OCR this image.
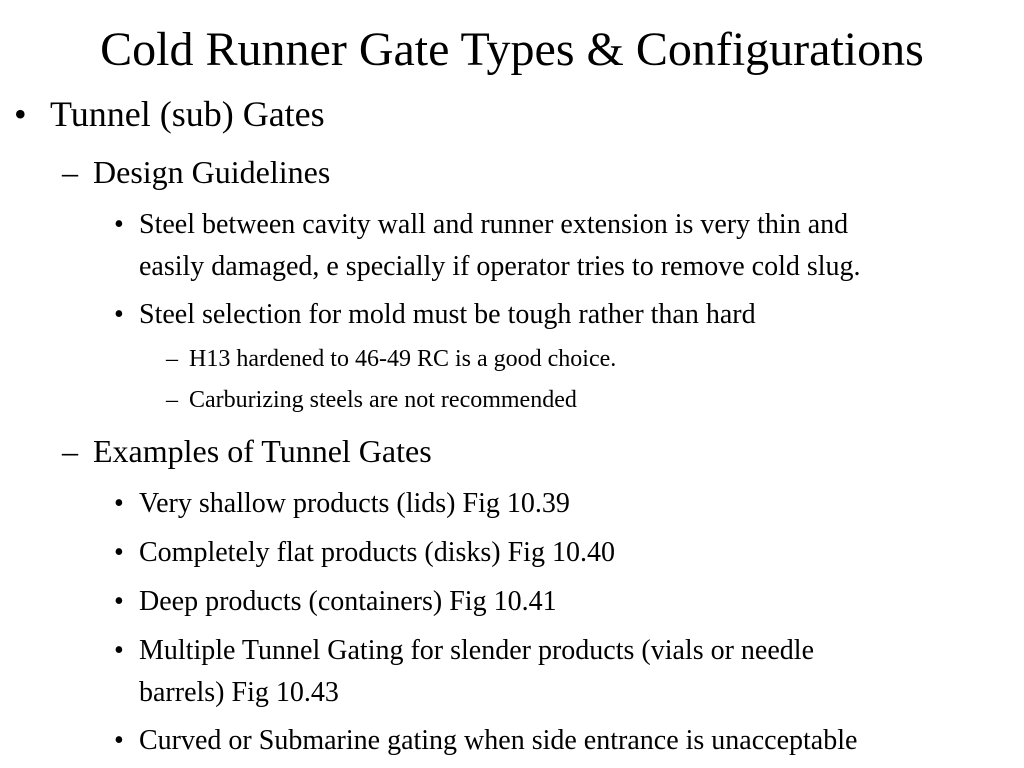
Cold Runner Gate Types & Configurations
• Tunnel (sub) Gates
– Design Guidelines
• Steel between cavity wall and runner extension is very thin and
easily damaged, e specially if operator tries to remove cold slug.
• Steel selection for mold must be tough rather than hard
– H13 hardened to 46-49 RC is a good choice.
– Carburizing steels are not recommended
– Examples of Tunnel Gates
• Very shallow products (lids) Fig 10.39
• Completely flat products (disks) Fig 10.40
• Deep products (containers) Fig 10.41
• Multiple Tunnel Gating for slender products (vials or needle
barrels) Fig 10.43
• Curved or Submarine gating when side entrance is unacceptable
